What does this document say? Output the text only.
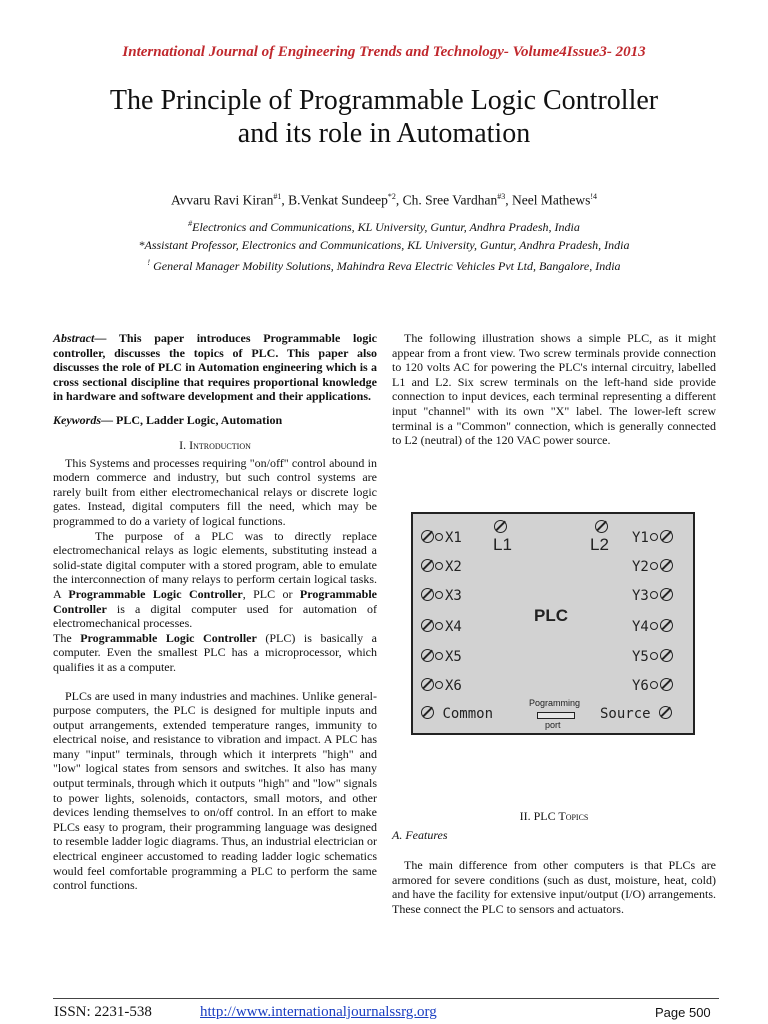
International Journal of Engineering Trends and Technology- Volume4Issue3- 2013
The Principle of Programmable Logic Controller
and its role in Automation
Avvaru Ravi Kiran$^{\#1}$, B.Venkat Sundeep$^{*2}$, Ch. Sree Vardhan$^{\#3}$, Neel Mathews$^{!4}$
#Electronics and Communications, KL University, Guntur, Andhra Pradesh, India
*Assistant Professor, Electronics and Communications, KL University, Guntur, Andhra Pradesh, India
! General Manager Mobility Solutions, Mahindra Reva Electric Vehicles Pvt Ltd, Bangalore, India

Abstract— This paper introduces Programmable logic controller, discusses the topics of PLC. This paper also discusses the role of PLC in Automation engineering which is a cross sectional discipline that requires proportional knowledge in hardware and software development and their applications.

Keywords— PLC, Ladder Logic, Automation

I. Introduction

This Systems and processes requiring "on/off" control abound in modern commerce and industry, but such control systems are rarely built from either electromechanical relays or discrete logic gates. Instead, digital computers fill the need, which may be programmed to do a variety of logical functions.

The purpose of a PLC was to directly replace electromechanical relays as logic elements, substituting instead a solid-state digital computer with a stored program, able to emulate the interconnection of many relays to perform certain logical tasks. A Programmable Logic Controller, PLC or Programmable Controller is a digital computer used for automation of electromechanical processes.

The Programmable Logic Controller (PLC) is basically a computer. Even the smallest PLC has a microprocessor, which qualifies it as a computer.

PLCs are used in many industries and machines. Unlike general-purpose computers, the PLC is designed for multiple inputs and output arrangements, extended temperature ranges, immunity to electrical noise, and resistance to vibration and impact. A PLC has many "input" terminals, through which it interprets "high" and "low" logical states from sensors and switches. It also has many output terminals, through which it outputs "high" and "low" signals to power lights, solenoids, contactors, small motors, and other devices lending themselves to on/off control. In an effort to make PLCs easy to program, their programming language was designed to resemble ladder logic diagrams. Thus, an industrial electrician or electrical engineer accustomed to reading ladder logic schematics would feel comfortable programming a PLC to perform the same control functions.

The following illustration shows a simple PLC, as it might appear from a front view. Two screw terminals provide connection to 120 volts AC for powering the PLC's internal circuitry, labelled L1 and L2. Six screw terminals on the left-hand side provide connection to input devices, each terminal representing a different input "channel" with its own "X" label. The lower-left screw terminal is a "Common" connection, which is generally connected to L2 (neutral) of the 120 VAC power source.

X1
X2
X3
X4
X5
X6
Common
Y1
Y2
Y3
Y4
Y5
Y6
Source
L1	L2
PLC
Pogramming
port

II. PLC Topics

A. Features

The main difference from other computers is that PLCs are armored for severe conditions (such as dust, moisture, heat, cold) and have the facility for extensive input/output (I/O) arrangements. These connect the PLC to sensors and actuators.

ISSN: 2231-538	http://www.internationaljournalssrg.org	Page 500
